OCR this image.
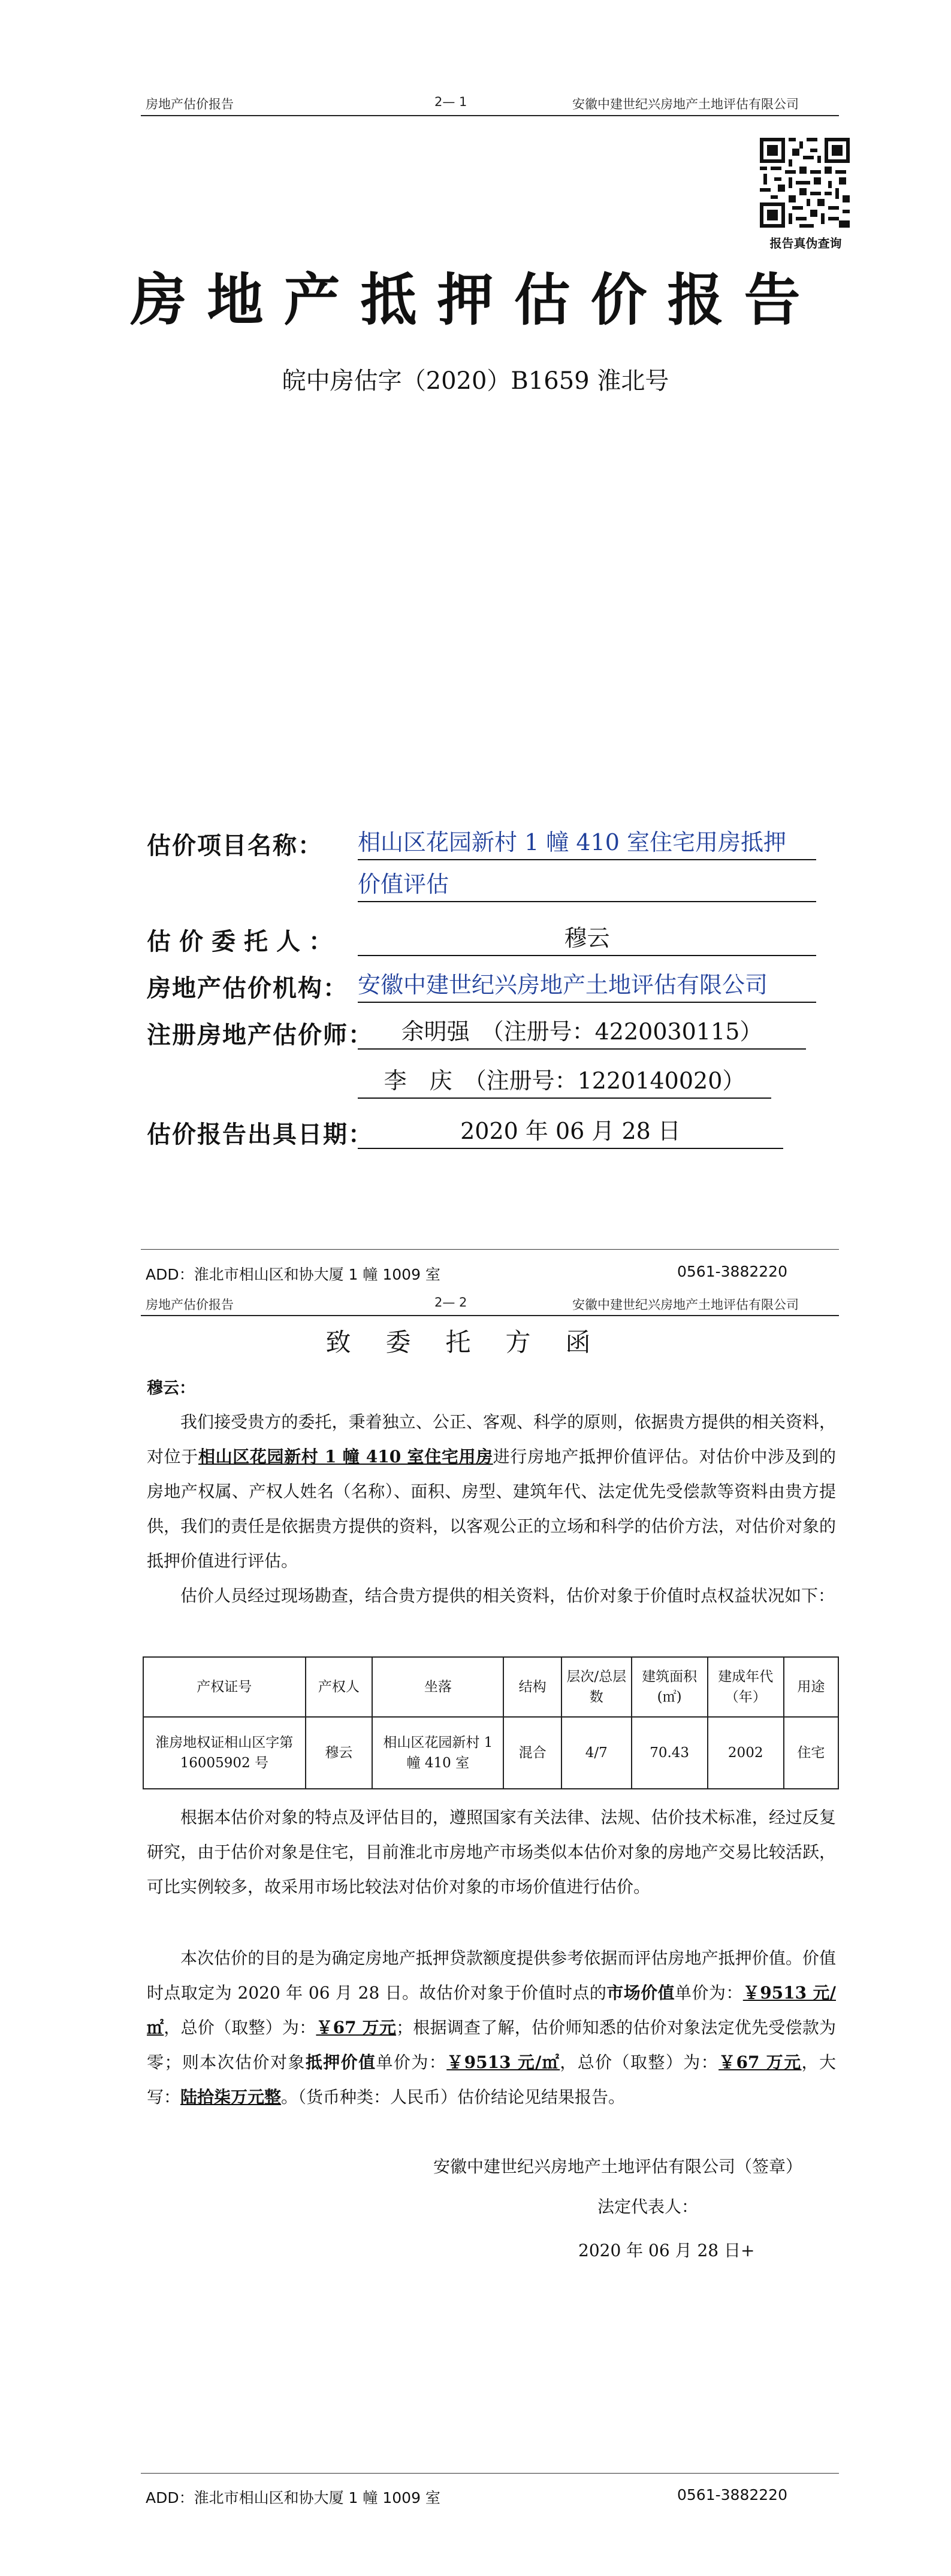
房地产估价报告	2— 1	安徽中建世纪兴房地产土地评估有限公司
报告真伪查询
房地产抵押估价报告
皖中房估字（2020）B1659 淮北号
估价项目名称： 相山区花园新村 1 幢 410 室住宅用房抵押
价值评估
估价委托人：	穆云
房地产估价机构： 安徽中建世纪兴房地产土地评估有限公司
注册房地产估价师：	余明强　（注册号：4220030115）
李　庆　（注册号：1220140020）
估价报告出具日期：	2020 年 06 月 28 日
ADD：淮北市相山区和协大厦 1 幢 1009 室	0561-3882220
房地产估价报告	2— 2	安徽中建世纪兴房地产土地评估有限公司
致委托方函
穆云：
我们接受贵方的委托，秉着独立、公正、客观、科学的原则，依据贵方提供的相关资料，对位于相山区花园新村 1 幢 410 室住宅用房进行房地产抵押价值评估。对估价中涉及到的房地产权属、产权人姓名（名称）、面积、房型、建筑年代、法定优先受偿款等资料由贵方提供，我们的责任是依据贵方提供的资料，以客观公正的立场和科学的估价方法，对估价对象的抵押价值进行评估。
估价人员经过现场勘查，结合贵方提供的相关资料，估价对象于价值时点权益状况如下：
产权证号	产权人	坐落	结构	层次/总层数	建筑面积(㎡)	建成年代（年）	用途
淮房地权证相山区字第 16005902 号	穆云	相山区花园新村 1 幢 410 室	混合	4/7	70.43	2002	住宅
根据本估价对象的特点及评估目的，遵照国家有关法律、法规、估价技术标准，经过反复研究，由于估价对象是住宅，目前淮北市房地产市场类似本估价对象的房地产交易比较活跃，可比实例较多，故采用市场比较法对估价对象的市场价值进行估价。
本次估价的目的是为确定房地产抵押贷款额度提供参考依据而评估房地产抵押价值。价值时点取定为 2020 年 06 月 28 日。故估价对象于价值时点的市场价值单价为：￥9513 元/㎡，总价（取整）为：￥67 万元；根据调查了解，估价师知悉的估价对象法定优先受偿款为零；则本次估价对象抵押价值单价为：￥9513 元/㎡，总价（取整）为：￥67 万元，大写：陆拾柒万元整。（货币种类：人民币）估价结论见结果报告。
安徽中建世纪兴房地产土地评估有限公司（签章）
法定代表人：
2020 年 06 月 28 日+
ADD：淮北市相山区和协大厦 1 幢 1009 室	0561-3882220
